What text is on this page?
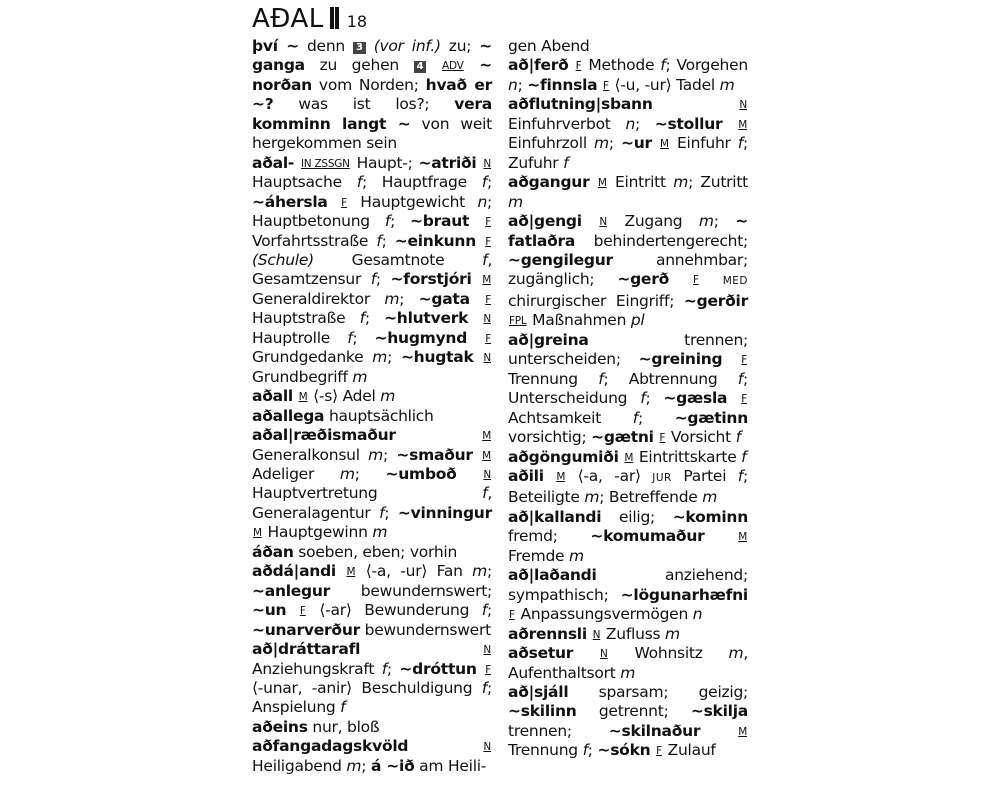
AÐAL 18
því ~ denn 3 (vor inf.) zu; ~ ganga zu gehen 4 ADV ~ norðan vom Norden; hvað er ~? was ist los?; vera komminn langt ~ von weit hergekommen sein
aðal- IN ZSSGN Haupt-; ~atriði N Hauptsache f; Hauptfrage f; ~áhersla F Hauptgewicht n; Hauptbetonung f; ~braut F Vorfahrtsstraße f; ~einkunn F (Schule) Gesamtnote f, Gesamtzensur f; ~forstjóri M Generaldirektor m; ~gata F Hauptstraße f; ~hlutverk N Hauptrolle f; ~hugmynd F Grundgedanke m; ~hugtak N Grundbegriff m
aðall M ⟨-s⟩ Adel m
aðallega hauptsächlich
aðal|ræðismaður	M Generalkonsul m; ~smaður M Adeliger m; ~umboð	N Hauptvertretung f, Generalagentur f; ~vinningur M Hauptgewinn m
áðan soeben, eben; vorhin
aðdá|andi M ⟨-a, -ur⟩ Fan m; ~anlegur bewundernswert; ~un F ⟨-ar⟩ Bewunderung f; ~unarverður bewundernswert
að|dráttarafl	N Anziehungskraft f; ~dróttun F ⟨-unar, -anir⟩ Beschuldigung f; Anspielung f
aðeins nur, bloß
aðfangadagskvöld	N Heiligabend m; á ~ið am Heili-
gen Abend
að|ferð F Methode f; Vorgehen n; ~finnsla F ⟨-u, -ur⟩ Tadel m
aðflutning|sbann	N Einfuhrverbot n; ~stollur M Einfuhrzoll m; ~ur M Einfuhr f; Zufuhr f
aðgangur M Eintritt m; Zutritt m
að|gengi N Zugang m; ~ fatlaðra behindertengerecht; ~gengilegur annehmbar; zugänglich; ~gerð F MED chirurgischer Eingriff; ~gerðir FPL Maßnahmen pl
að|greina trennen; unterscheiden; ~greining F Trennung f; Abtrennung f; Unterscheidung f; ~gæsla F Achtsamkeit f; ~gætinn vorsichtig; ~gætni F Vorsicht f
aðgöngumiði M Eintrittskarte f
aðili M ⟨-a, -ar⟩ JUR Partei f; Beteiligte m; Betreffende m
að|kallandi eilig; ~kominn fremd; ~komumaður	M Fremde m
að|laðandi anziehend; sympathisch; ~lögunarhæfni F Anpassungsvermögen n
aðrennsli N Zufluss m
aðsetur	N Wohnsitz m, Aufenthaltsort m
að|sjáll sparsam; geizig; ~skilinn getrennt; ~skilja trennen; ~skilnaður	M Trennung f; ~sókn F Zulauf
